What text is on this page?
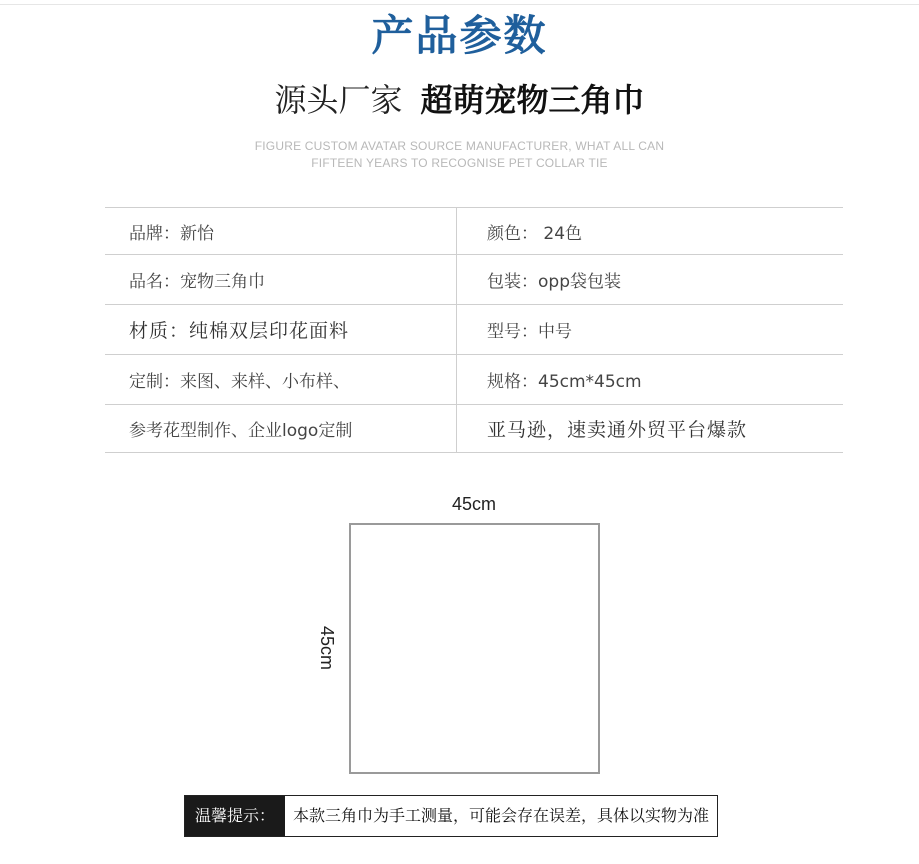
产品参数
源头厂家 超萌宠物三角巾
FIGURE CUSTOM AVATAR SOURCE MANUFACTURER, WHAT ALL CAN
FIFTEEN YEARS TO RECOGNISE PET COLLAR TIE
品牌：新怡	颜色： 24色
品名：宠物三角巾	包装：opp袋包装
材质：纯棉双层印花面料	型号：中号
定制：来图、来样、小布样、	规格：45cm*45cm
参考花型制作、企业logo定制	亚马逊，速卖通外贸平台爆款
45cm
45cm
温馨提示：	本款三角巾为手工测量，可能会存在误差，具体以实物为准
